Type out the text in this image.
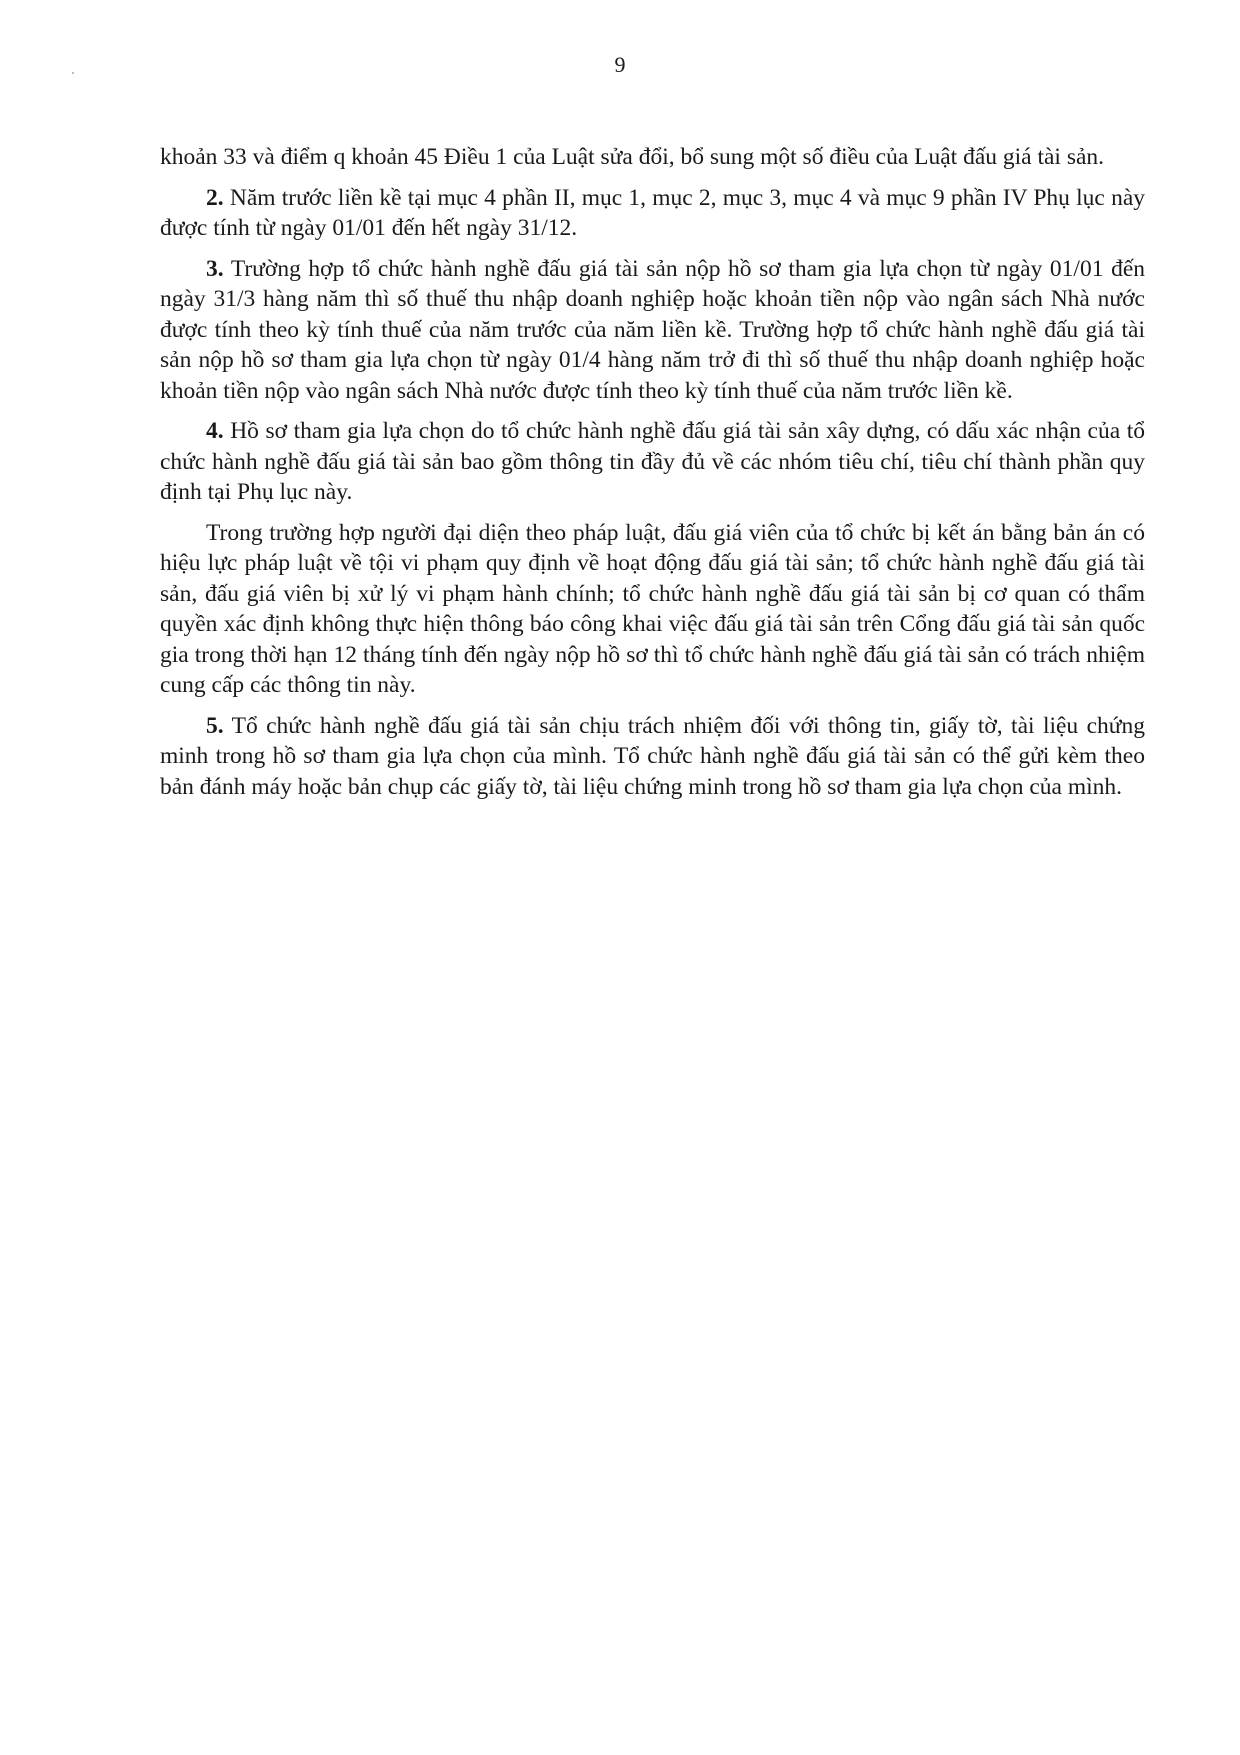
9

khoản 33 và điểm q khoản 45 Điều 1 của Luật sửa đổi, bổ sung một số điều của Luật đấu giá tài sản.

2. Năm trước liền kề tại mục 4 phần II, mục 1, mục 2, mục 3, mục 4 và mục 9 phần IV Phụ lục này được tính từ ngày 01/01 đến hết ngày 31/12.

3. Trường hợp tổ chức hành nghề đấu giá tài sản nộp hồ sơ tham gia lựa chọn từ ngày 01/01 đến ngày 31/3 hàng năm thì số thuế thu nhập doanh nghiệp hoặc khoản tiền nộp vào ngân sách Nhà nước được tính theo kỳ tính thuế của năm trước của năm liền kề. Trường hợp tổ chức hành nghề đấu giá tài sản nộp hồ sơ tham gia lựa chọn từ ngày 01/4 hàng năm trở đi thì số thuế thu nhập doanh nghiệp hoặc khoản tiền nộp vào ngân sách Nhà nước được tính theo kỳ tính thuế của năm trước liền kề.

4. Hồ sơ tham gia lựa chọn do tổ chức hành nghề đấu giá tài sản xây dựng, có dấu xác nhận của tổ chức hành nghề đấu giá tài sản bao gồm thông tin đầy đủ về các nhóm tiêu chí, tiêu chí thành phần quy định tại Phụ lục này.

Trong trường hợp người đại diện theo pháp luật, đấu giá viên của tổ chức bị kết án bằng bản án có hiệu lực pháp luật về tội vi phạm quy định về hoạt động đấu giá tài sản; tổ chức hành nghề đấu giá tài sản, đấu giá viên bị xử lý vi phạm hành chính; tổ chức hành nghề đấu giá tài sản bị cơ quan có thẩm quyền xác định không thực hiện thông báo công khai việc đấu giá tài sản trên Cổng đấu giá tài sản quốc gia trong thời hạn 12 tháng tính đến ngày nộp hồ sơ thì tổ chức hành nghề đấu giá tài sản có trách nhiệm cung cấp các thông tin này.

5. Tổ chức hành nghề đấu giá tài sản chịu trách nhiệm đối với thông tin, giấy tờ, tài liệu chứng minh trong hồ sơ tham gia lựa chọn của mình. Tổ chức hành nghề đấu giá tài sản có thể gửi kèm theo bản đánh máy hoặc bản chụp các giấy tờ, tài liệu chứng minh trong hồ sơ tham gia lựa chọn của mình.
